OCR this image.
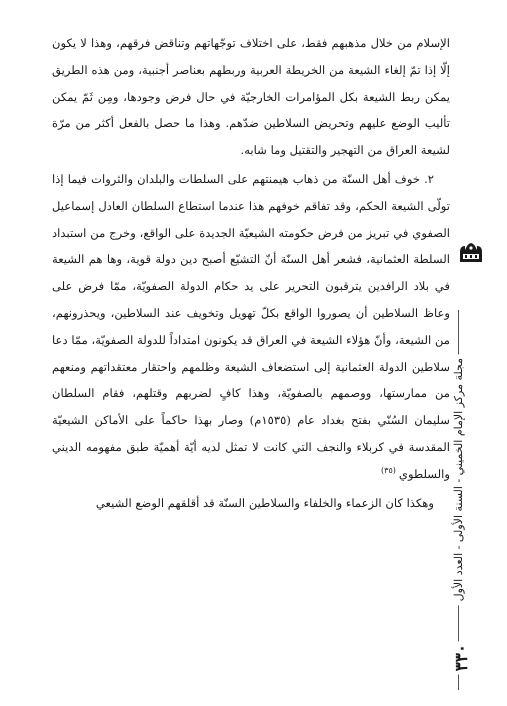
الإسلام من خلال مذهبهم فقط، على اختلاف توجّهاتهم وتناقض فرقهم، وهذا لا يكون إلّا إذا تمّ إلغاء الشيعة من الخريطة العربية وربطهم بعناصر أجنبية، ومن هذه الطريق يمكن ربط الشيعة بكل المؤامرات الخارجيّة في حال فرض وجودها، ومِن ثَمّ يمكن تأليب الوضع عليهم وتحريض السلاطين ضدّهم. وهذا ما حصل بالفعل أكثر من مرّة لشيعة العراق من التهجير والتقتيل وما شابه.

٢. خوف أهل السنّة من ذهاب هيمنتهم على السلطات والبلدان والثروات فيما إذا تولّى الشيعة الحكم، وقد تفاقم خوفهم هذا عندما استطاع السلطان العادل إسماعيل الصفوي في تبريز من فرض حكومته الشيعيّة الجديدة على الواقع، وخرج من استبداد السلطة العثمانية، فشعر أهل السنّة أنّ التشيّع أصبح دين دولة قوية، وها هم الشيعة في بلاد الرافدين يترقبون التحرير على يد حكام الدولة الصفويّة، ممّا فرض على وعاظ السلاطين أن يصوروا الواقع بكلّ تهويل وتخويف عند السلاطين، ويحذرونهم، من الشيعة، وأنّ هؤلاء الشيعة في العراق قد يكونون امتداداً للدولة الصفويّة، ممّا دعا سلاطين الدولة العثمانية إلى استضعاف الشيعة وظلمهم واحتقار معتقداتهم ومنعهم من ممارستها، ووصمهم بالصفويّة، وهذا كافٍ لضربهم وقتلهم، فقام السلطان سليمان السُنّي بفتح بغداد عام (١٥٣٥م) وصار بهذا حاكماً على الأماكن الشيعيّة المقدسة في كربلاء والنجف التي كانت لا تمثل لديه أيّة أهميّة طبق مفهومه الديني والسلطوي$^{(٣٥)}$

وهكذا كان الزعماء والخلفاء والسلاطين السنّة قد أقلقهم الوضع الشيعي	مجلة مركز الإمام الخميني - السنة الأولى - العدد الأول
٣٣٠
